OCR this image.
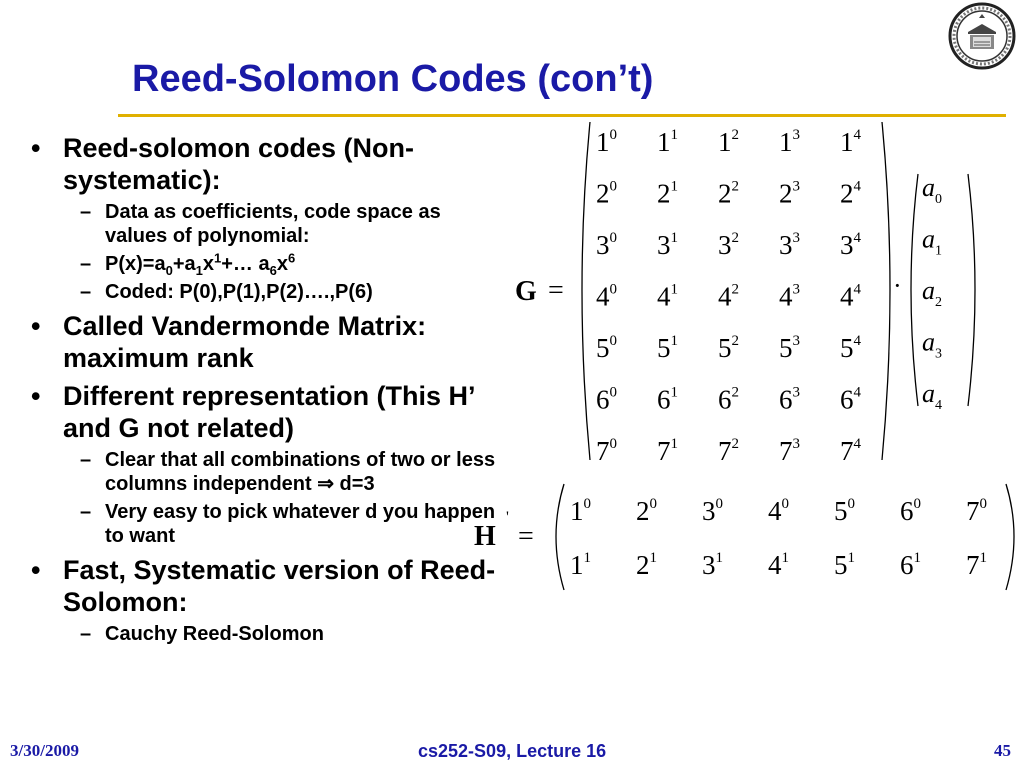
Reed-Solomon Codes (con’t)
• Reed-solomon codes (Non-systematic):
– Data as coefficients, code space as values of polynomial:
– $P(x)=a_0+a_1x^1+\dots$ $a_6x^6$
– Coded: P(0),P(1),P(2)….,P(6)
• Called Vandermonde Matrix: maximum rank
• Different representation (This H’ and G not related)
– Clear that all combinations of two or less columns independent ⇒ d=3
– Very easy to pick whatever d you happen to want
• Fast, Systematic version of Reed-Solomon:
– Cauchy Reed-Solomon
G =
$1^0$ $1^1$ $1^2$ $1^3$ $1^4$
$2^0$ $2^1$ $2^2$ $2^3$ $2^4$
$3^0$ $3^1$ $3^2$ $3^3$ $3^4$
$4^0$ $4^1$ $4^2$ $4^3$ $4^4$
$5^0$ $5^1$ $5^2$ $5^3$ $5^4$
$6^0$ $6^1$ $6^2$ $6^3$ $6^4$
$7^0$ $7^1$ $7^2$ $7^3$ $7^4$
·
$a_0$
$a_1$
$a_2$
$a_3$
$a_4$
H
'
=
$1^0$ $2^0$ $3^0$ $4^0$ $5^0$ $6^0$ $7^0$
$1^1$ $2^1$ $3^1$ $4^1$ $5^1$ $6^1$ $7^1$
3/30/2009	cs252-S09, Lecture 16	45
